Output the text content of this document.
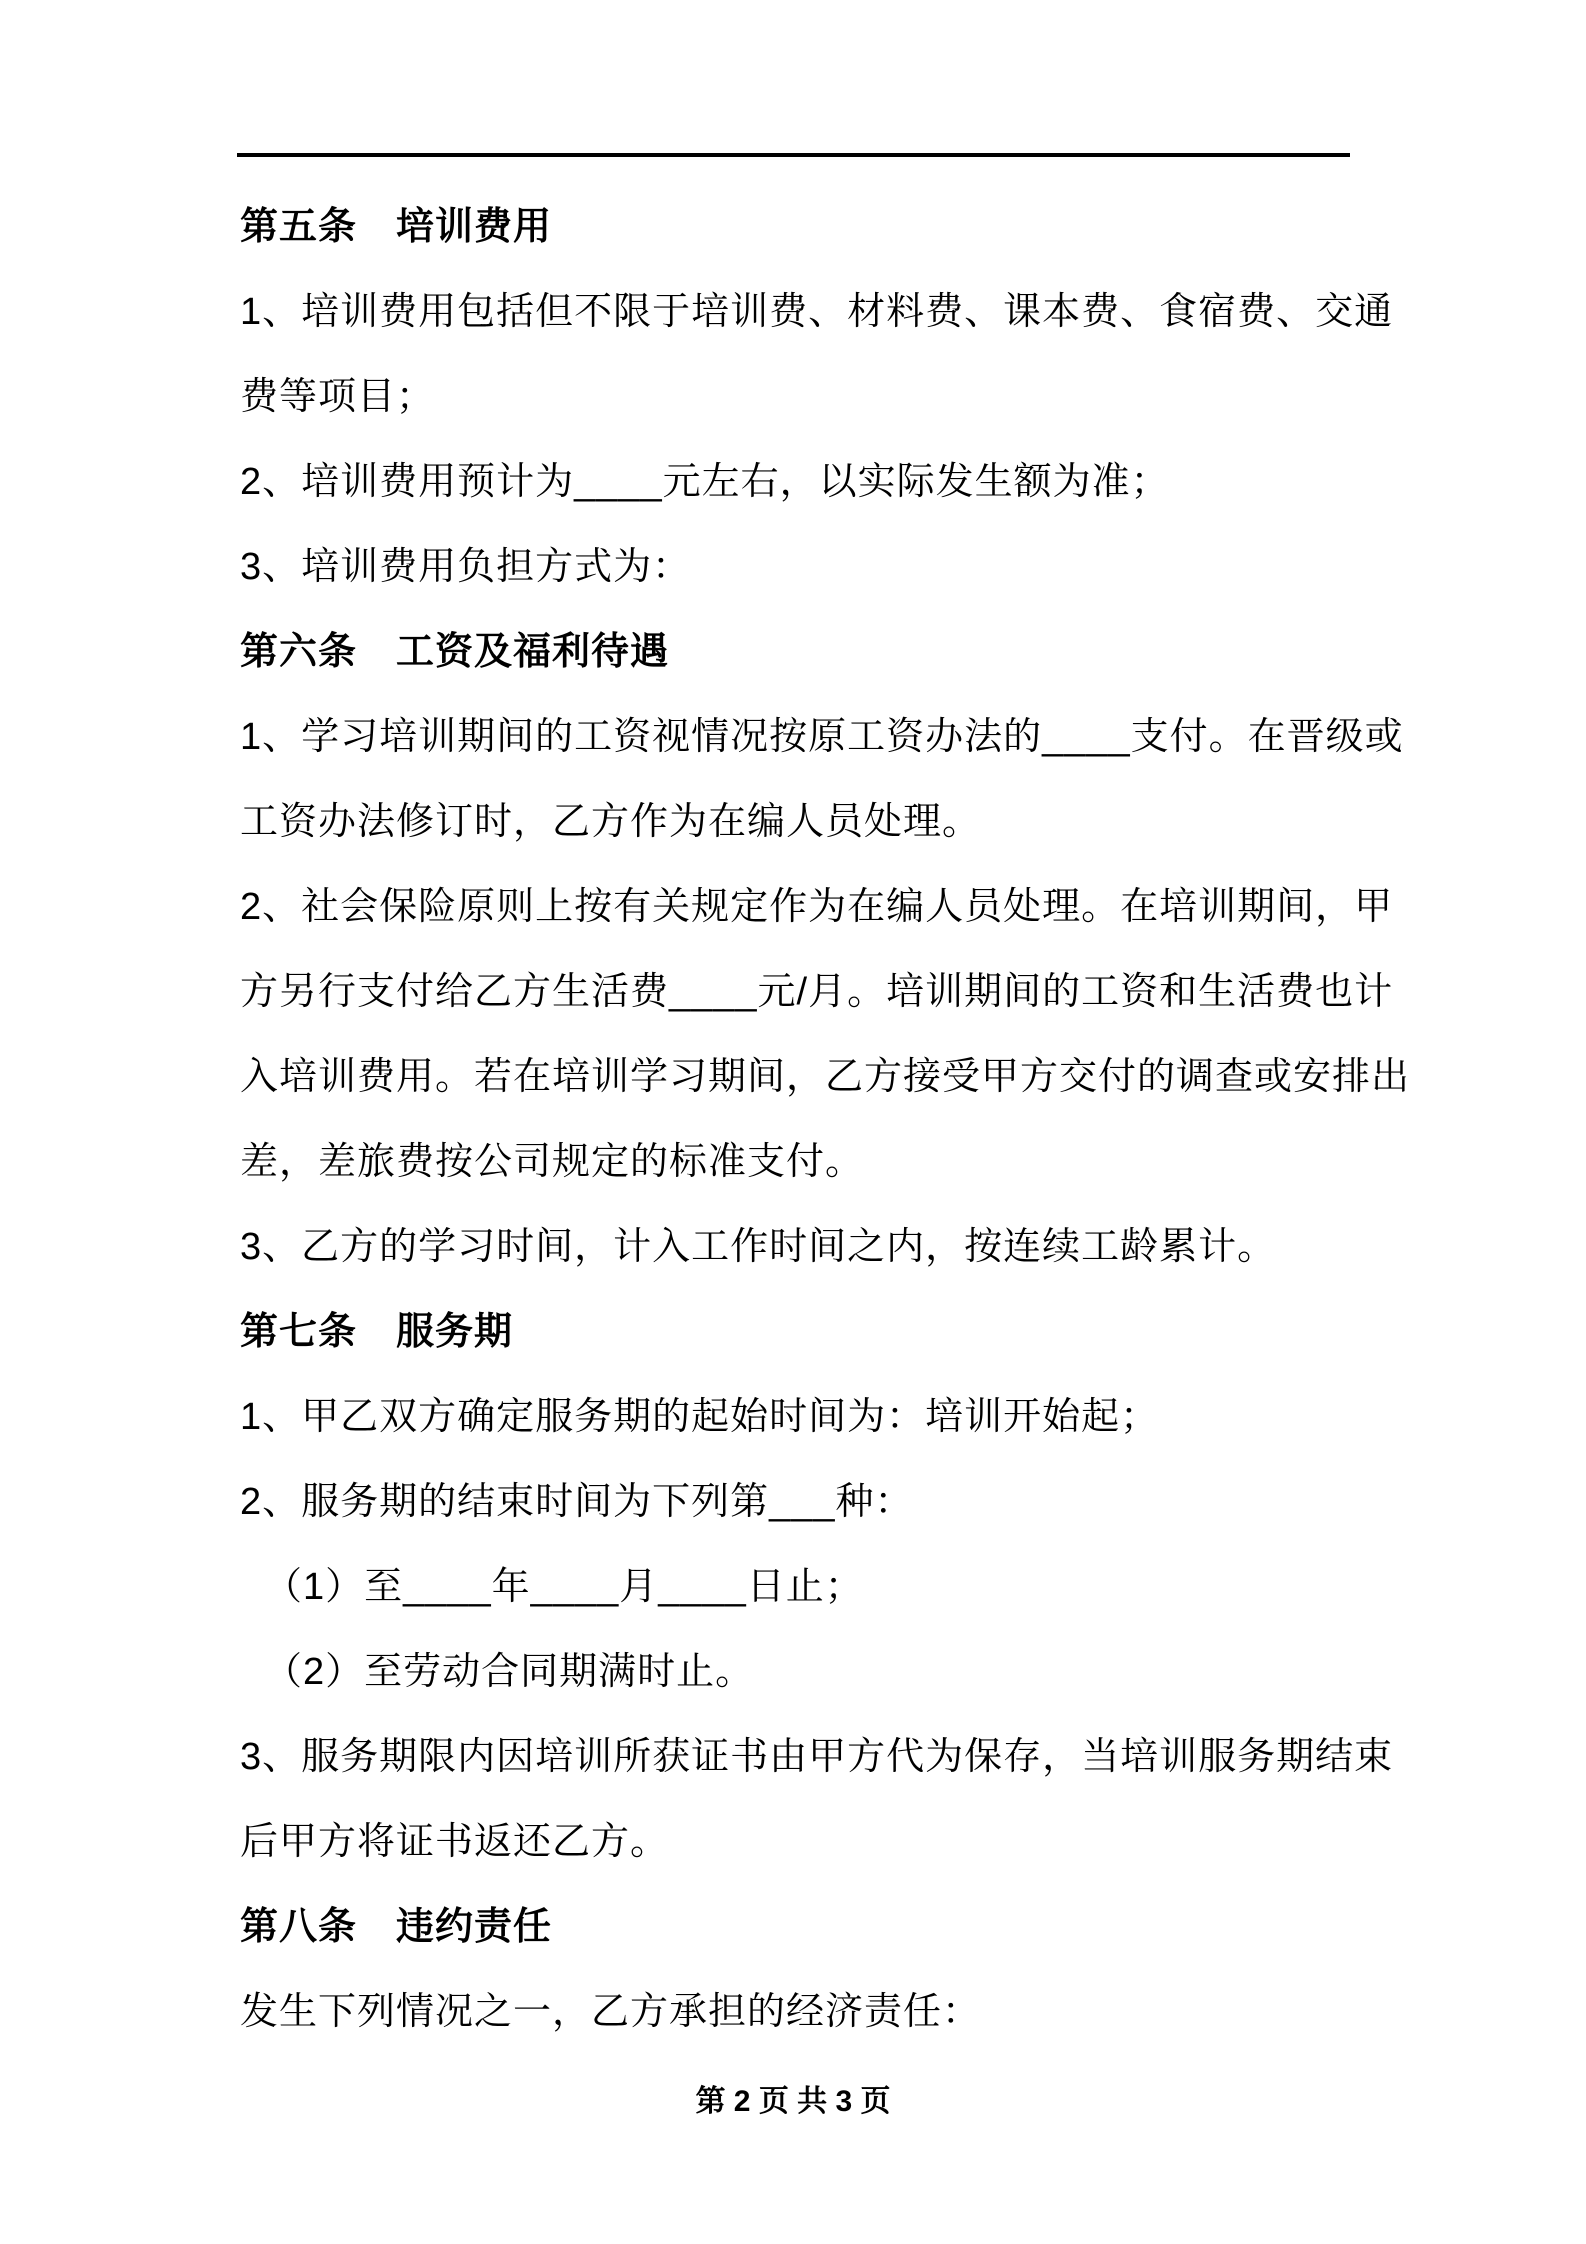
第五条　培训费用
1、培训费用包括但不限于培训费、材料费、课本费、食宿费、交通
费等项目；
2、培训费用预计为____元左右，以实际发生额为准；
3、培训费用负担方式为：
第六条　工资及福利待遇
1、学习培训期间的工资视情况按原工资办法的____支付。在晋级或
工资办法修订时，乙方作为在编人员处理。
2、社会保险原则上按有关规定作为在编人员处理。在培训期间，甲
方另行支付给乙方生活费____元/月。培训期间的工资和生活费也计
入培训费用。若在培训学习期间，乙方接受甲方交付的调查或安排出
差，差旅费按公司规定的标准支付。
3、乙方的学习时间，计入工作时间之内，按连续工龄累计。
第七条　服务期
1、甲乙双方确定服务期的起始时间为：培训开始起；
2、服务期的结束时间为下列第___种：
（1）至____年____月____日止；
（2）至劳动合同期满时止。
3、服务期限内因培训所获证书由甲方代为保存，当培训服务期结束
后甲方将证书返还乙方。
第八条　违约责任
发生下列情况之一，乙方承担的经济责任：
第 2 页 共 3 页
